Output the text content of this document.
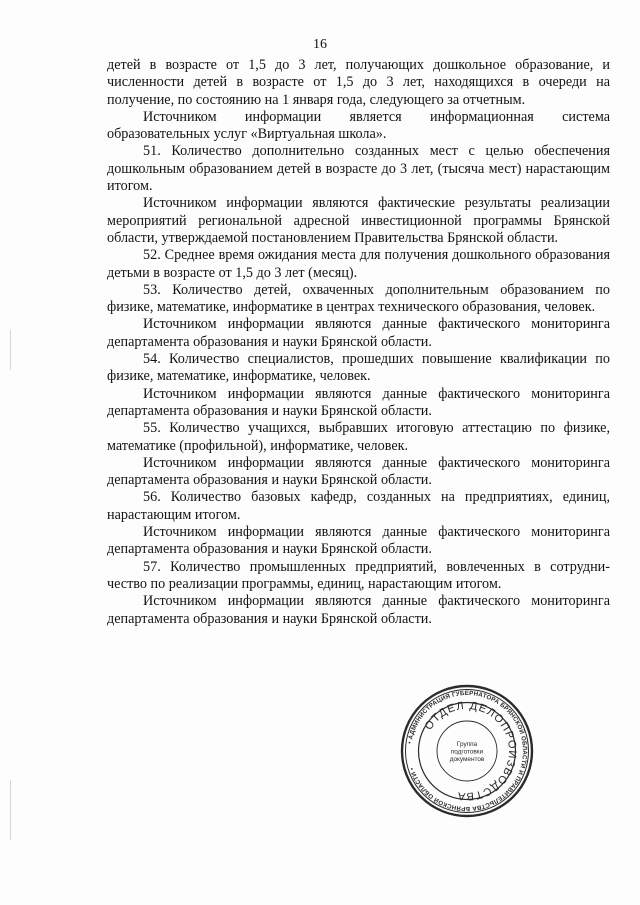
16

детей в возрасте от 1,5 до 3 лет, получающих дошкольное образование, и численности детей в возрасте от 1,5 до 3 лет, находящихся в очереди на получение, по состоянию на 1 января года, следующего за отчетным.

Источником информации является информационная система образовательных услуг «Виртуальная школа».

51. Количество дополнительно созданных мест с целью обеспечения дошкольным образованием детей в возрасте до 3 лет, (тысяча мест) нарастающим итогом.

Источником информации являются фактические результаты реализации мероприятий региональной адресной инвестиционной программы Брянской области, утверждаемой постановлением Правительства Брянской области.

52. Среднее время ожидания места для получения дошкольного образования детьми в возрасте от 1,5 до 3 лет (месяц).

53. Количество детей, охваченных дополнительным образованием по физике, математике, информатике в центрах технического образования, человек.

Источником информации являются данные фактического мониторинга департамента образования и науки Брянской области.

54. Количество специалистов, прошедших повышение квалификации по физике, математике, информатике, человек.

Источником информации являются данные фактического мониторинга департамента образования и науки Брянской области.

55. Количество учащихся, выбравших итоговую аттестацию по физике, математике (профильной), информатике, человек.

Источником информации являются данные фактического мониторинга департамента образования и науки Брянской области.

56. Количество базовых кафедр, созданных на предприятиях, единиц, нарастающим итогом.

Источником информации являются данные фактического мониторинга департамента образования и науки Брянской области.

57. Количество промышленных предприятий, вовлеченных в сотрудни-чество по реализации программы, единиц, нарастающим итогом.

Источником информации являются данные фактического мониторинга департамента образования и науки Брянской области.

• АДМИНИСТРАЦИЯ ГУБЕРНАТОРА БРЯНСКОЙ ОБЛАСТИ И ПРАВИТЕЛЬСТВА БРЯНСКОЙ ОБЛАСТИ •
ОТДЕЛ ДЕЛОПРОИЗВОДСТВА
Группа подготовки документов
